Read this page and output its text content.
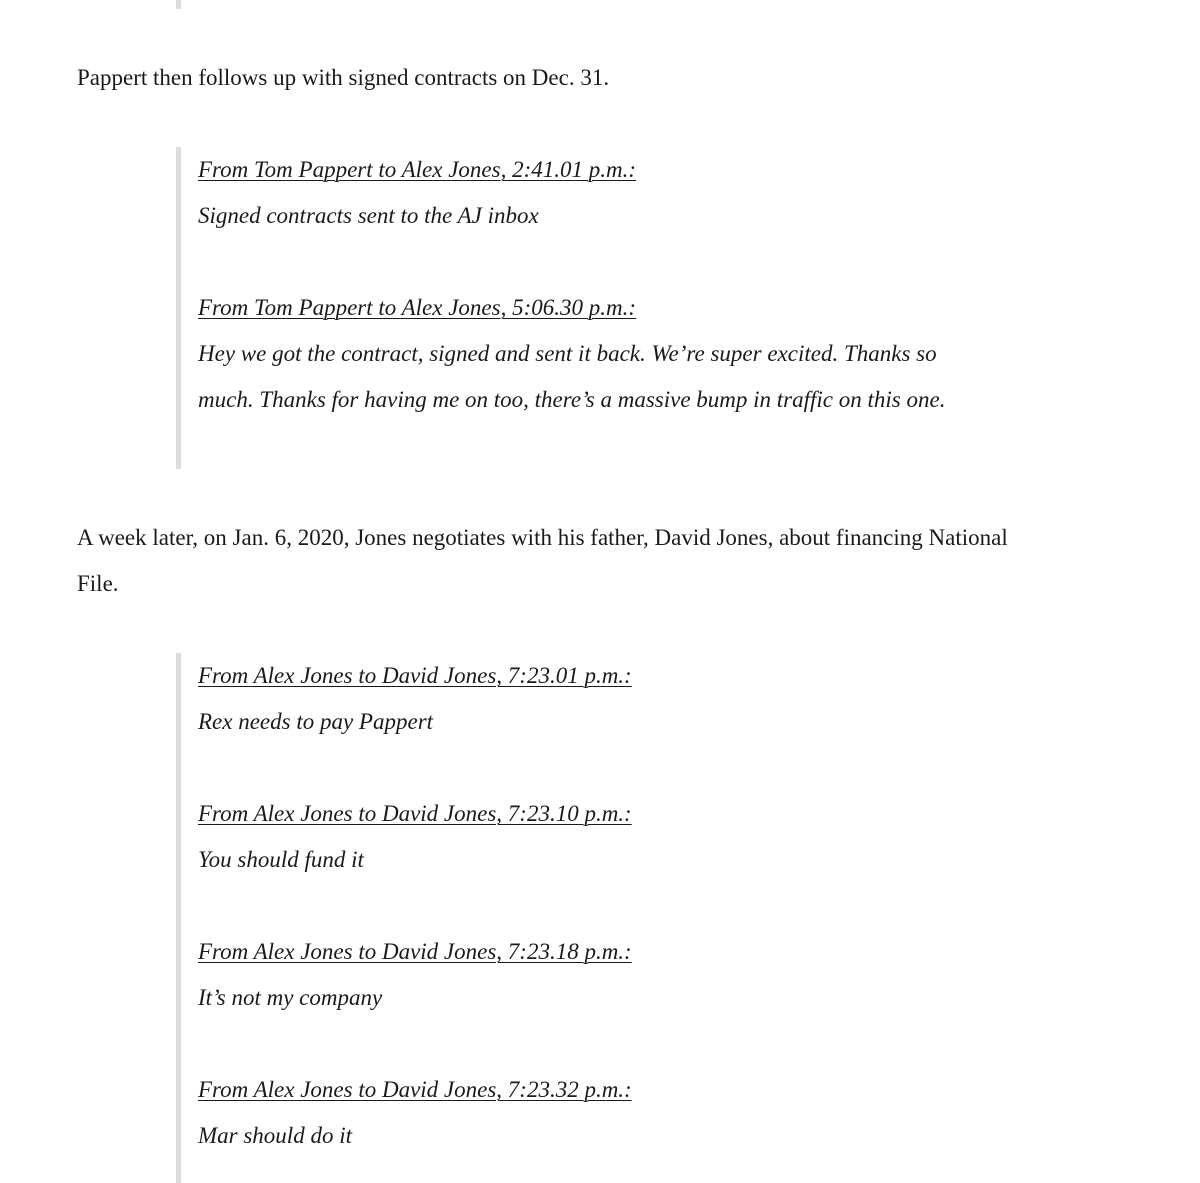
Pappert then follows up with signed contracts on Dec. 31.

From Tom Pappert to Alex Jones, 2:41.01 p.m.:
Signed contracts sent to the AJ inbox
From Tom Pappert to Alex Jones, 5:06.30 p.m.:
Hey we got the contract, signed and sent it back. We’re super excited. Thanks so much. Thanks for having me on too, there’s a massive bump in traffic on this one.

A week later, on Jan. 6, 2020, Jones negotiates with his father, David Jones, about financing National File.

From Alex Jones to David Jones, 7:23.01 p.m.:
Rex needs to pay Pappert
From Alex Jones to David Jones, 7:23.10 p.m.:
You should fund it
From Alex Jones to David Jones, 7:23.18 p.m.:
It’s not my company
From Alex Jones to David Jones, 7:23.32 p.m.:
Mar should do it
